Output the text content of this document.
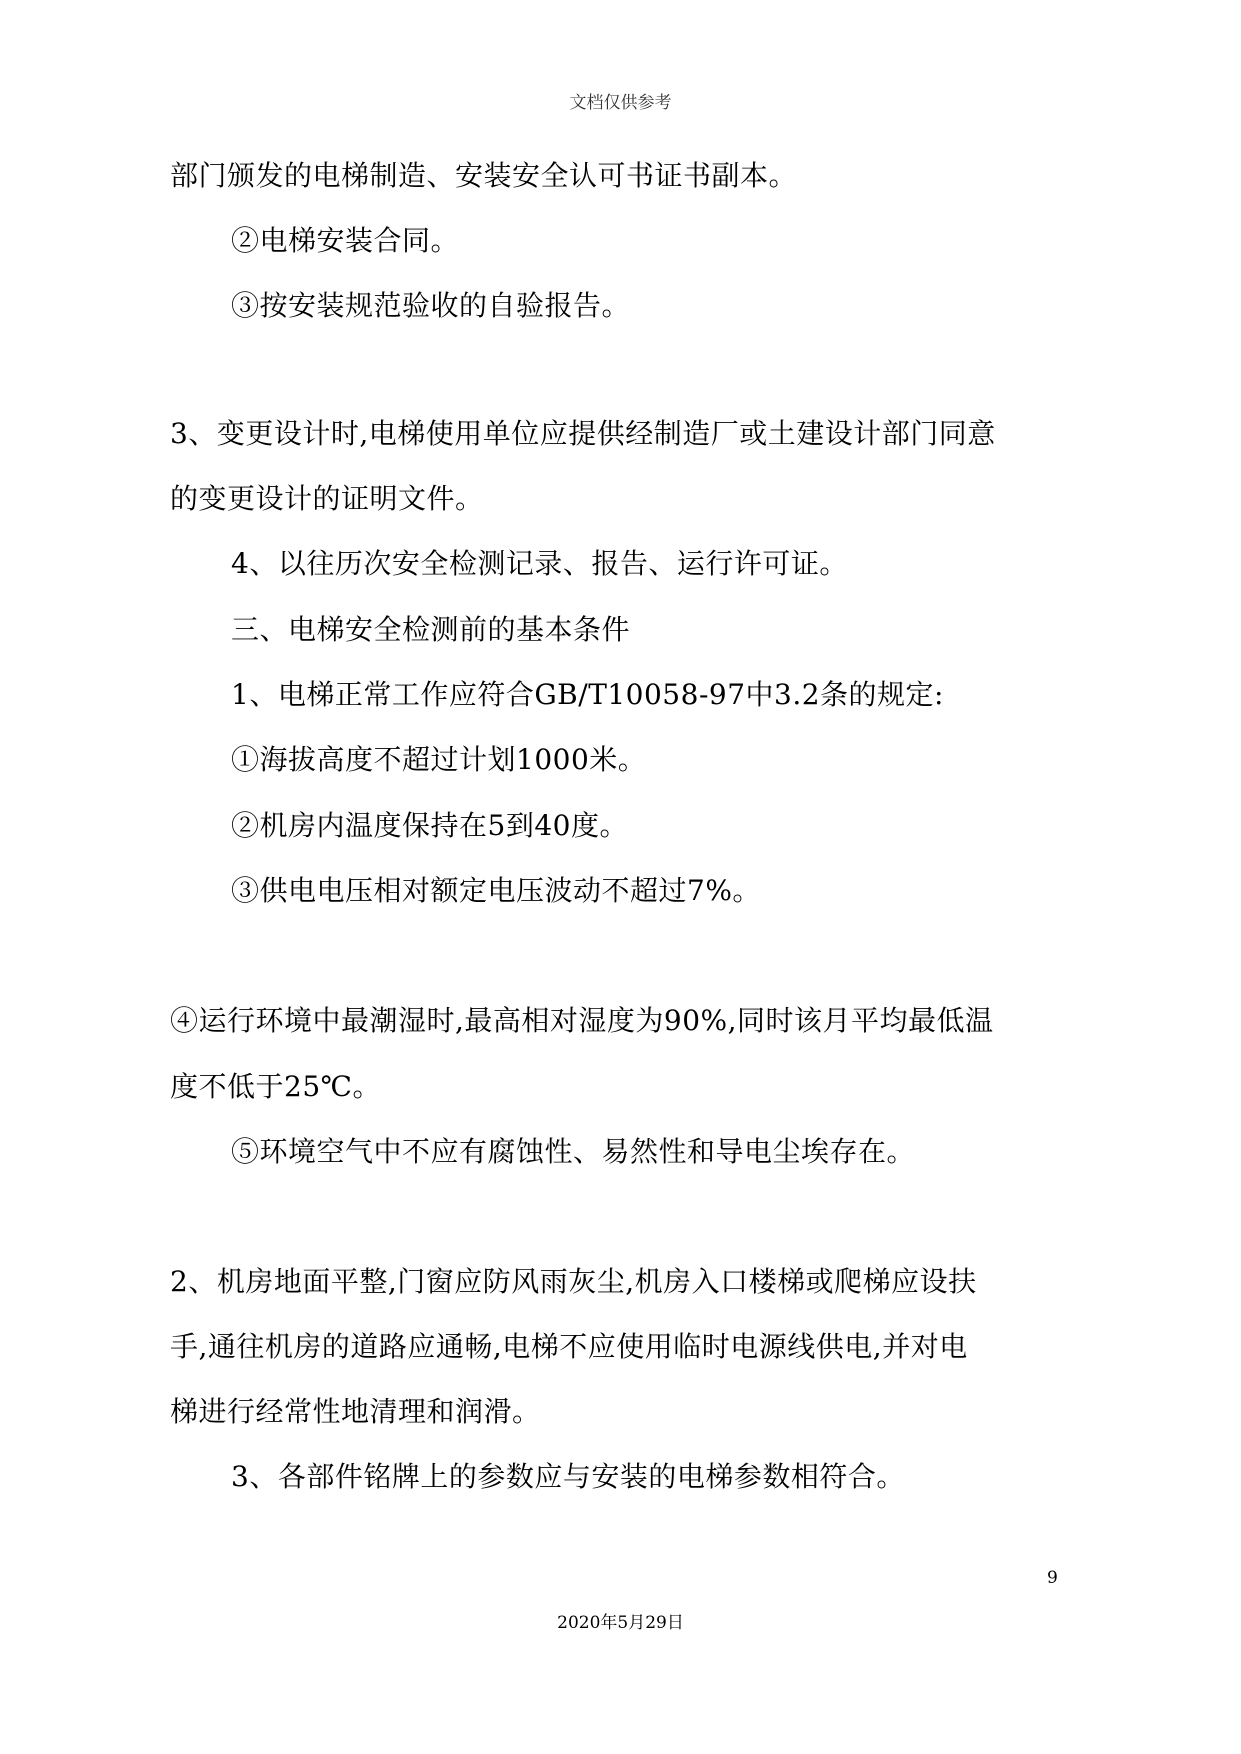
文档仅供参考
部门颁发的电梯制造、安装安全认可书证书副本。
②电梯安装合同。
③按安装规范验收的自验报告。
3、变更设计时,电梯使用单位应提供经制造厂或土建设计部门同意
的变更设计的证明文件。
4、以往历次安全检测记录、报告、运行许可证。
三、电梯安全检测前的基本条件
1、电梯正常工作应符合GB/T10058-97中3.2条的规定:
①海拔高度不超过计划1000米。
②机房内温度保持在5到40度。
③供电电压相对额定电压波动不超过7%。
④运行环境中最潮湿时,最高相对湿度为90%,同时该月平均最低温
度不低于25℃。
⑤环境空气中不应有腐蚀性、易然性和导电尘埃存在。
2、机房地面平整,门窗应防风雨灰尘,机房入口楼梯或爬梯应设扶
手,通往机房的道路应通畅,电梯不应使用临时电源线供电,并对电
梯进行经常性地清理和润滑。
3、各部件铭牌上的参数应与安装的电梯参数相符合。
9
2020年5月29日
